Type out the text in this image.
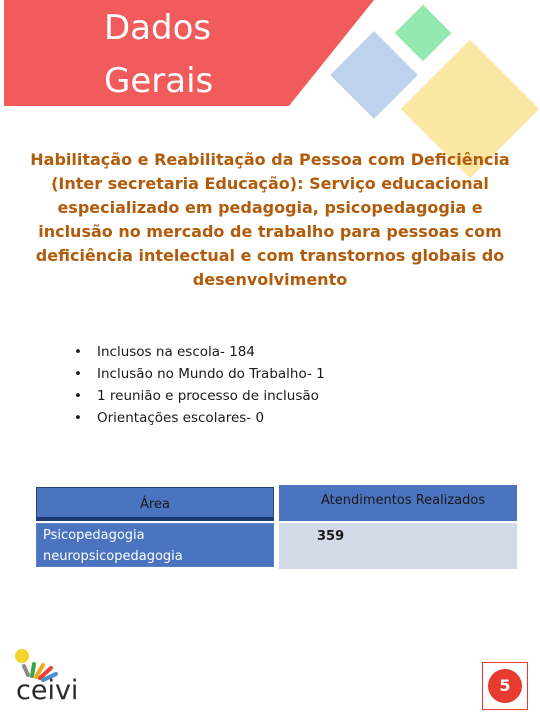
Dados
Gerais
Habilitação e Reabilitação da Pessoa com Deficiência (Inter secretaria Educação): Serviço educacional especializado em pedagogia, psicopedagogia e inclusão no mercado de trabalho para pessoas com deficiência intelectual e com transtornos globais do desenvolvimento
• Inclusos na escola- 184
• Inclusão no Mundo do Trabalho- 1
• 1 reunião e processo de inclusão
• Orientações escolares- 0
Área	Atendimentos Realizados
Psicopedagogia
neuropsicopedagogia
359
ceivi	5
